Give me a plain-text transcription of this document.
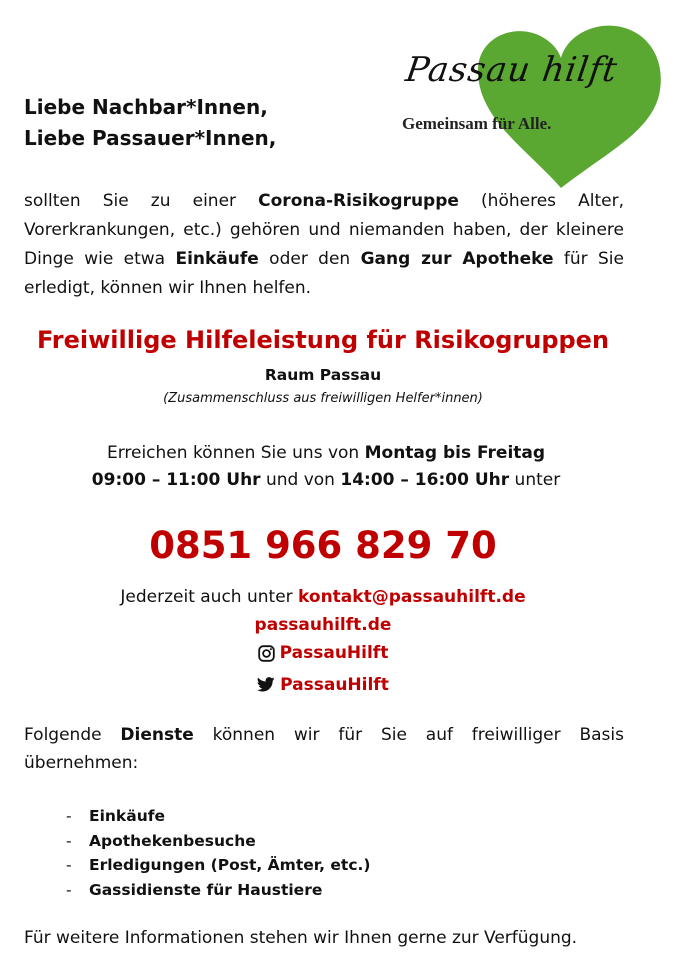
Passau hilft
Gemeinsam für Alle.
Liebe Nachbar*Innen,
Liebe Passauer*Innen,
sollten Sie zu einer Corona-Risikogruppe (höheres Alter, Vorerkrankungen, etc.) gehören und niemanden haben, der kleinere Dinge wie etwa Einkäufe oder den Gang zur Apotheke für Sie erledigt, können wir Ihnen helfen.
Freiwillige Hilfeleistung für Risikogruppen
Raum Passau
(Zusammenschluss aus freiwilligen Helfer*innen)
Erreichen können Sie uns von Montag bis Freitag
09:00 – 11:00 Uhr und von 14:00 – 16:00 Uhr unter
0851 966 829 70
Jederzeit auch unter kontakt@passauhilft.de
passauhilft.de
PassauHilft
PassauHilft
Folgende Dienste können wir für Sie auf freiwilliger Basis übernehmen:
- Einkäufe
- Apothekenbesuche
- Erledigungen (Post, Ämter, etc.)
- Gassidienste für Haustiere
Für weitere Informationen stehen wir Ihnen gerne zur Verfügung.
